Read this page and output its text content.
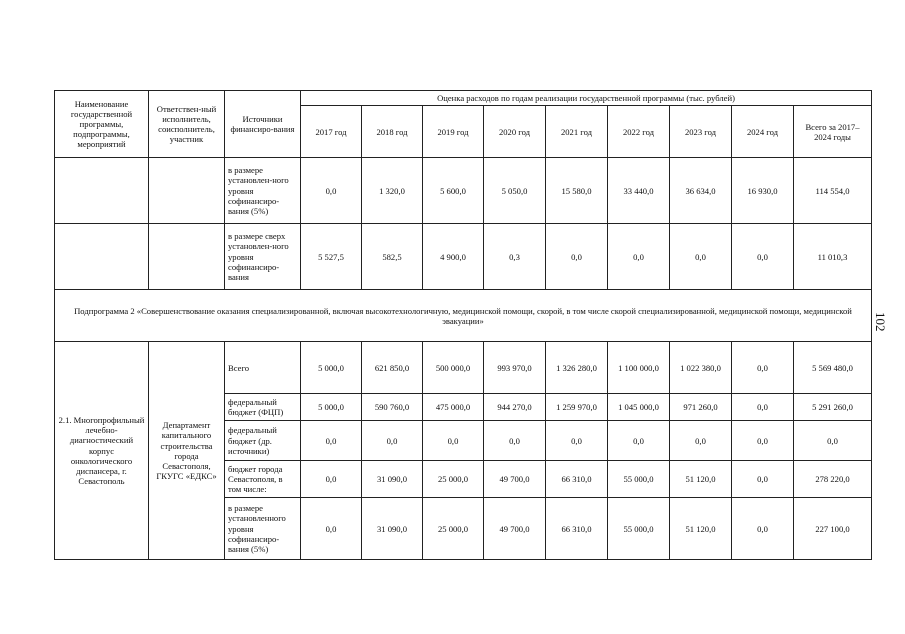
Наименование государственной программы, подпрограммы, мероприятий	Ответствен-ный исполнитель, соисполнитель, участник	Источники финансиро-вания	Оценка расходов по годам реализации государственной программы (тыс. рублей)								
			2017 год	2018 год	2019 год	2020 год	2021 год	2022 год	2023 год	2024 год	Всего за 2017–2024 годы
		в размере установлен-ного уровня софинансиро-вания (5%)	0,0	1 320,0	5 600,0	5 050,0	15 580,0	33 440,0	36 634,0	16 930,0	114 554,0
		в размере сверх установлен-ного уровня софинансиро-вания	5 527,5	582,5	4 900,0	0,3	0,0	0,0	0,0	0,0	11 010,3
Подпрограмма 2 «Совершенствование оказания специализированной, включая высокотехнологичную, медицинской помощи, скорой, в том числе скорой специализированной, медицинской помощи, медицинской эвакуации»											
2.1. Многопрофильный лечебно-диагностический корпус онкологического диспансера, г. Севастополь	Департамент капитального строительства города Севастополя, ГКУГС «ЕДКС»	Всего	5 000,0	621 850,0	500 000,0	993 970,0	1 326 280,0	1 100 000,0	1 022 380,0	0,0	5 569 480,0
		федеральный бюджет (ФЦП)	5 000,0	590 760,0	475 000,0	944 270,0	1 259 970,0	1 045 000,0	971 260,0	0,0	5 291 260,0
		федеральный бюджет (др. источники)	0,0	0,0	0,0	0,0	0,0	0,0	0,0	0,0	0,0
		бюджет города Севастополя, в том числе:	0,0	31 090,0	25 000,0	49 700,0	66 310,0	55 000,0	51 120,0	0,0	278 220,0
		в размере установленного уровня софинансиро-вания (5%)	0,0	31 090,0	25 000,0	49 700,0	66 310,0	55 000,0	51 120,0	0,0	227 100,0
102
